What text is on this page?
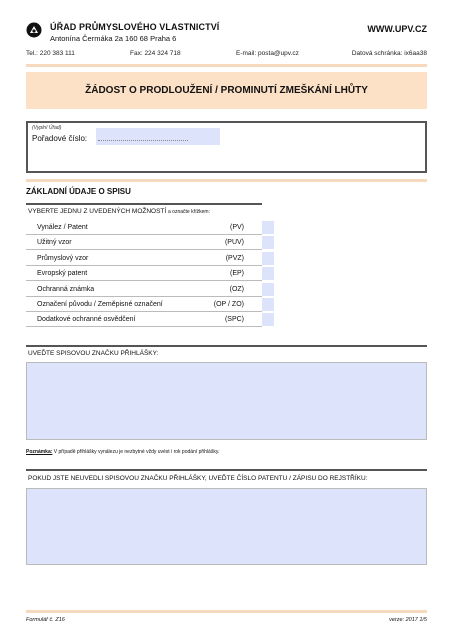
ÚŘAD PRŮMYSLOVÉHO VLASTNICTVÍ
Antonína Čermáka 2a 160 68 Praha 6
WWW.UPV.CZ
Tel.: 220 383 111	Fax: 224 324 718	E-mail: posta@upv.cz	Datová schránka: ix6aa38
ŽÁDOST O PRODLOUŽENÍ / PROMINUTÍ ZMEŠKÁNÍ LHŮTY
(Vyplní Úřad)
Pořadové číslo:
ZÁKLADNÍ ÚDAJE O SPISU
VYBERTE JEDNU Z UVEDENÝCH MOŽNOSTÍ a označte křížkem:
Vynález / Patent	(PV)
Užitný vzor	(PUV)
Průmyslový vzor	(PVZ)
Evropský patent	(EP)
Ochranná známka	(OZ)
Označení původu / Zeměpisné označení	(OP / ZO)
Dodatkové ochranné osvědčení	(SPC)
UVEĎTE SPISOVOU ZNAČKU PŘIHLÁŠKY:
Poznámka: V případě přihlášky vynálezu je nezbytné vždy uvést i rok podání přihlášky.
POKUD JSTE NEUVEDLI SPISOVOU ZNAČKU PŘIHLÁŠKY, UVEĎTE ČÍSLO PATENTU / ZÁPISU DO REJSTŘÍKU:
Formulář č. Z16	verze: 2017 1/5
